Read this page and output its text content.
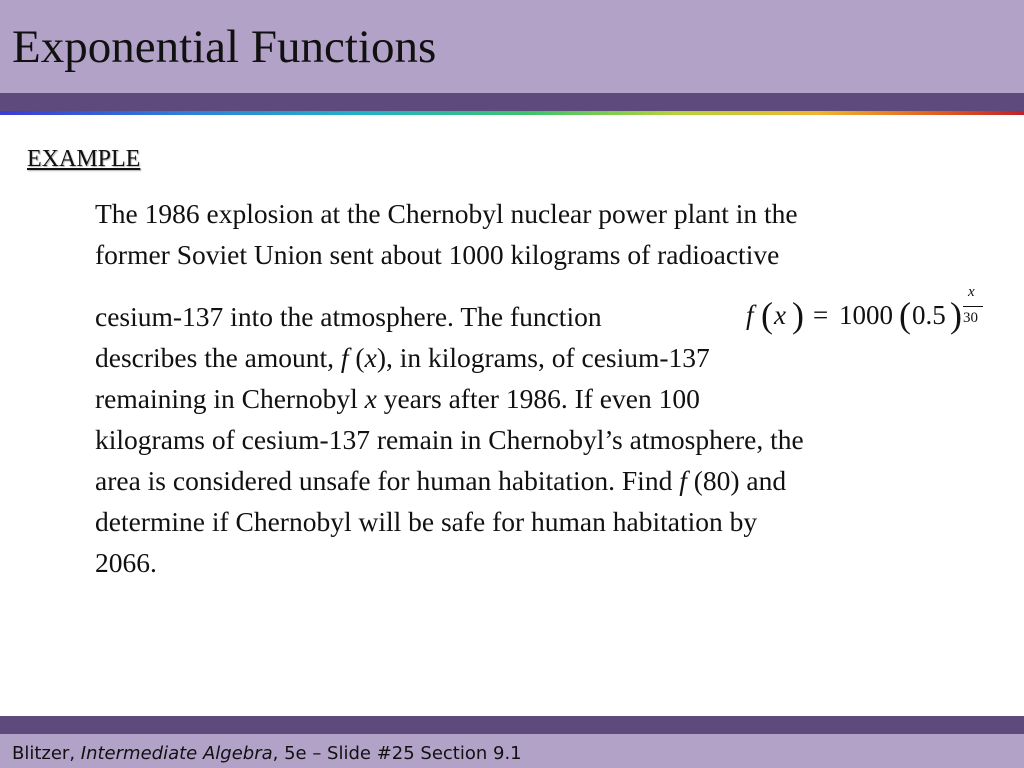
Exponential Functions
EXAMPLE
The 1986 explosion at the Chernobyl nuclear power plant in the
former Soviet Union sent about 1000 kilograms of radioactive
cesium-137 into the atmosphere. The function	f ( x ) = 1000 ( 0.5 )
x
30
describes the amount, f (x), in kilograms, of cesium-137
remaining in Chernobyl x years after 1986. If even 100
kilograms of cesium-137 remain in Chernobyl’s atmosphere, the
area is considered unsafe for human habitation. Find f (80) and
determine if Chernobyl will be safe for human habitation by
2066.
Blitzer, Intermediate Algebra, 5e – Slide #25 Section 9.1
